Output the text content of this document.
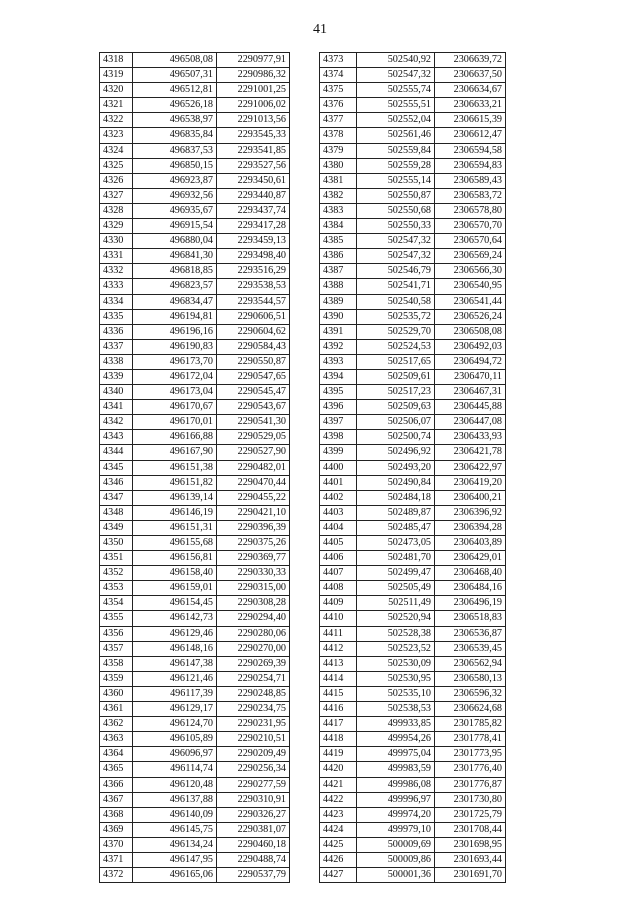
41
4318	496508,08	2290977,91
4319	496507,31	2290986,32
4320	496512,81	2291001,25
4321	496526,18	2291006,02
4322	496538,97	2291013,56
4323	496835,84	2293545,33
4324	496837,53	2293541,85
4325	496850,15	2293527,56
4326	496923,87	2293450,61
4327	496932,56	2293440,87
4328	496935,67	2293437,74
4329	496915,54	2293417,28
4330	496880,04	2293459,13
4331	496841,30	2293498,40
4332	496818,85	2293516,29
4333	496823,57	2293538,53
4334	496834,47	2293544,57
4335	496194,81	2290606,51
4336	496196,16	2290604,62
4337	496190,83	2290584,43
4338	496173,70	2290550,87
4339	496172,04	2290547,65
4340	496173,04	2290545,47
4341	496170,67	2290543,67
4342	496170,01	2290541,30
4343	496166,88	2290529,05
4344	496167,90	2290527,90
4345	496151,38	2290482,01
4346	496151,82	2290470,44
4347	496139,14	2290455,22
4348	496146,19	2290421,10
4349	496151,31	2290396,39
4350	496155,68	2290375,26
4351	496156,81	2290369,77
4352	496158,40	2290330,33
4353	496159,01	2290315,00
4354	496154,45	2290308,28
4355	496142,73	2290294,40
4356	496129,46	2290280,06
4357	496148,16	2290270,00
4358	496147,38	2290269,39
4359	496121,46	2290254,71
4360	496117,39	2290248,85
4361	496129,17	2290234,75
4362	496124,70	2290231,95
4363	496105,89	2290210,51
4364	496096,97	2290209,49
4365	496114,74	2290256,34
4366	496120,48	2290277,59
4367	496137,88	2290310,91
4368	496140,09	2290326,27
4369	496145,75	2290381,07
4370	496134,24	2290460,18
4371	496147,95	2290488,74
4372	496165,06	2290537,79
4373	502540,92	2306639,72
4374	502547,32	2306637,50
4375	502555,74	2306634,67
4376	502555,51	2306633,21
4377	502552,04	2306615,39
4378	502561,46	2306612,47
4379	502559,84	2306594,58
4380	502559,28	2306594,83
4381	502555,14	2306589,43
4382	502550,87	2306583,72
4383	502550,68	2306578,80
4384	502550,33	2306570,70
4385	502547,32	2306570,64
4386	502547,32	2306569,24
4387	502546,79	2306566,30
4388	502541,71	2306540,95
4389	502540,58	2306541,44
4390	502535,72	2306526,24
4391	502529,70	2306508,08
4392	502524,53	2306492,03
4393	502517,65	2306494,72
4394	502509,61	2306470,11
4395	502517,23	2306467,31
4396	502509,63	2306445,88
4397	502506,07	2306447,08
4398	502500,74	2306433,93
4399	502496,92	2306421,78
4400	502493,20	2306422,97
4401	502490,84	2306419,20
4402	502484,18	2306400,21
4403	502489,87	2306396,92
4404	502485,47	2306394,28
4405	502473,05	2306403,89
4406	502481,70	2306429,01
4407	502499,47	2306468,40
4408	502505,49	2306484,16
4409	502511,49	2306496,19
4410	502520,94	2306518,83
4411	502528,38	2306536,87
4412	502523,52	2306539,45
4413	502530,09	2306562,94
4414	502530,95	2306580,13
4415	502535,10	2306596,32
4416	502538,53	2306624,68
4417	499933,85	2301785,82
4418	499954,26	2301778,41
4419	499975,04	2301773,95
4420	499983,59	2301776,40
4421	499986,08	2301776,87
4422	499996,97	2301730,80
4423	499974,20	2301725,79
4424	499979,10	2301708,44
4425	500009,69	2301698,95
4426	500009,86	2301693,44
4427	500001,36	2301691,70
